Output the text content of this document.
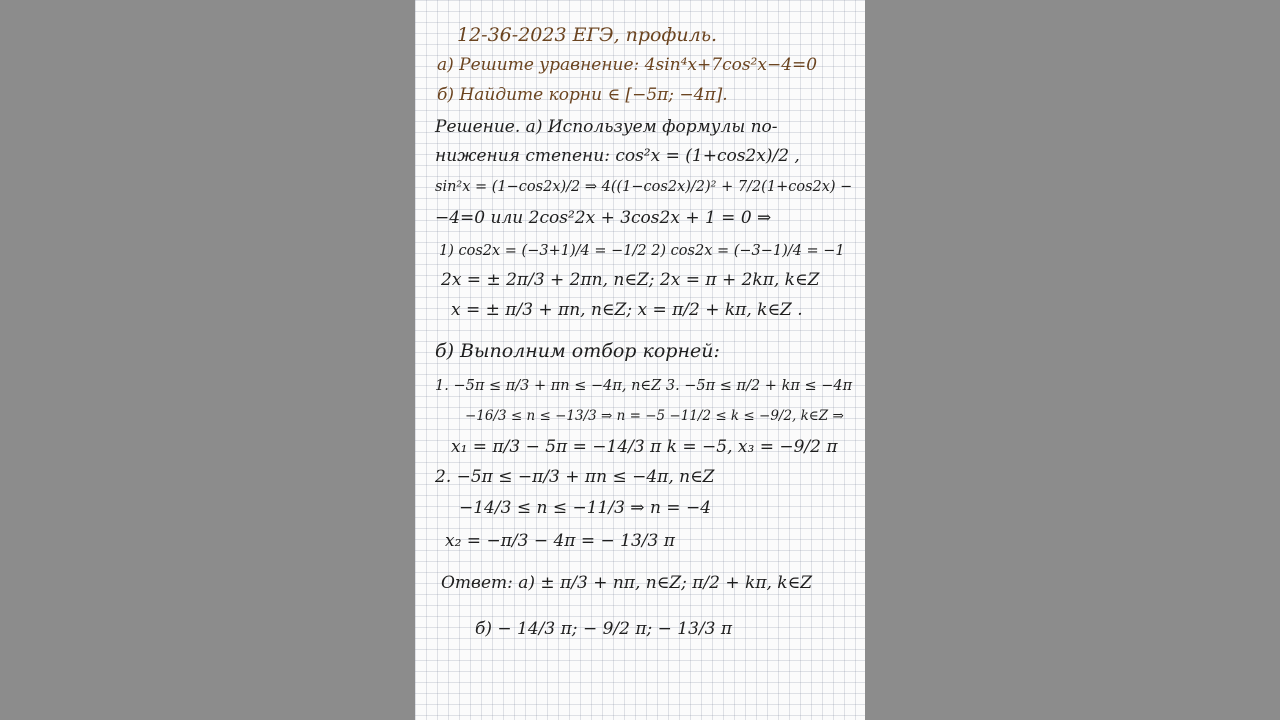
12-36-2023 ЕГЭ, профиль.
а) Решите уравнение: 4sin⁴x+7cos²x−4=0
б) Найдите корни ∈ [−5π; −4π].
Решение. а) Используем формулы по-
нижения степени: cos²x = (1+cos2x)/2 ,
sin²x = (1−cos2x)/2 ⇒ 4((1−cos2x)/2)² + 7/2(1+cos2x) −
−4=0 или 2cos²2x + 3cos2x + 1 = 0 ⇒
1) cos2x = (−3+1)/4 = −1/2 2) cos2x = (−3−1)/4 = −1
2x = ± 2π/3 + 2πn, n∈Z; 2x = π + 2kπ, k∈Z
x = ± π/3 + πn, n∈Z; x = π/2 + kπ, k∈Z .
б) Выполним отбор корней:
1. −5π ≤ π/3 + πn ≤ −4π, n∈Z 3. −5π ≤ π/2 + kπ ≤ −4π
−16/3 ≤ n ≤ −13/3 ⇒ n = −5 −11/2 ≤ k ≤ −9/2, k∈Z ⇒
x₁ = π/3 − 5π = −14/3 π k = −5, x₃ = −9/2 π
2. −5π ≤ −π/3 + πn ≤ −4π, n∈Z
−14/3 ≤ n ≤ −11/3 ⇒ n = −4
x₂ = −π/3 − 4π = − 13/3 π
Ответ: а) ± π/3 + nπ, n∈Z; π/2 + kπ, k∈Z
б) − 14/3 π; − 9/2 π; − 13/3 π
